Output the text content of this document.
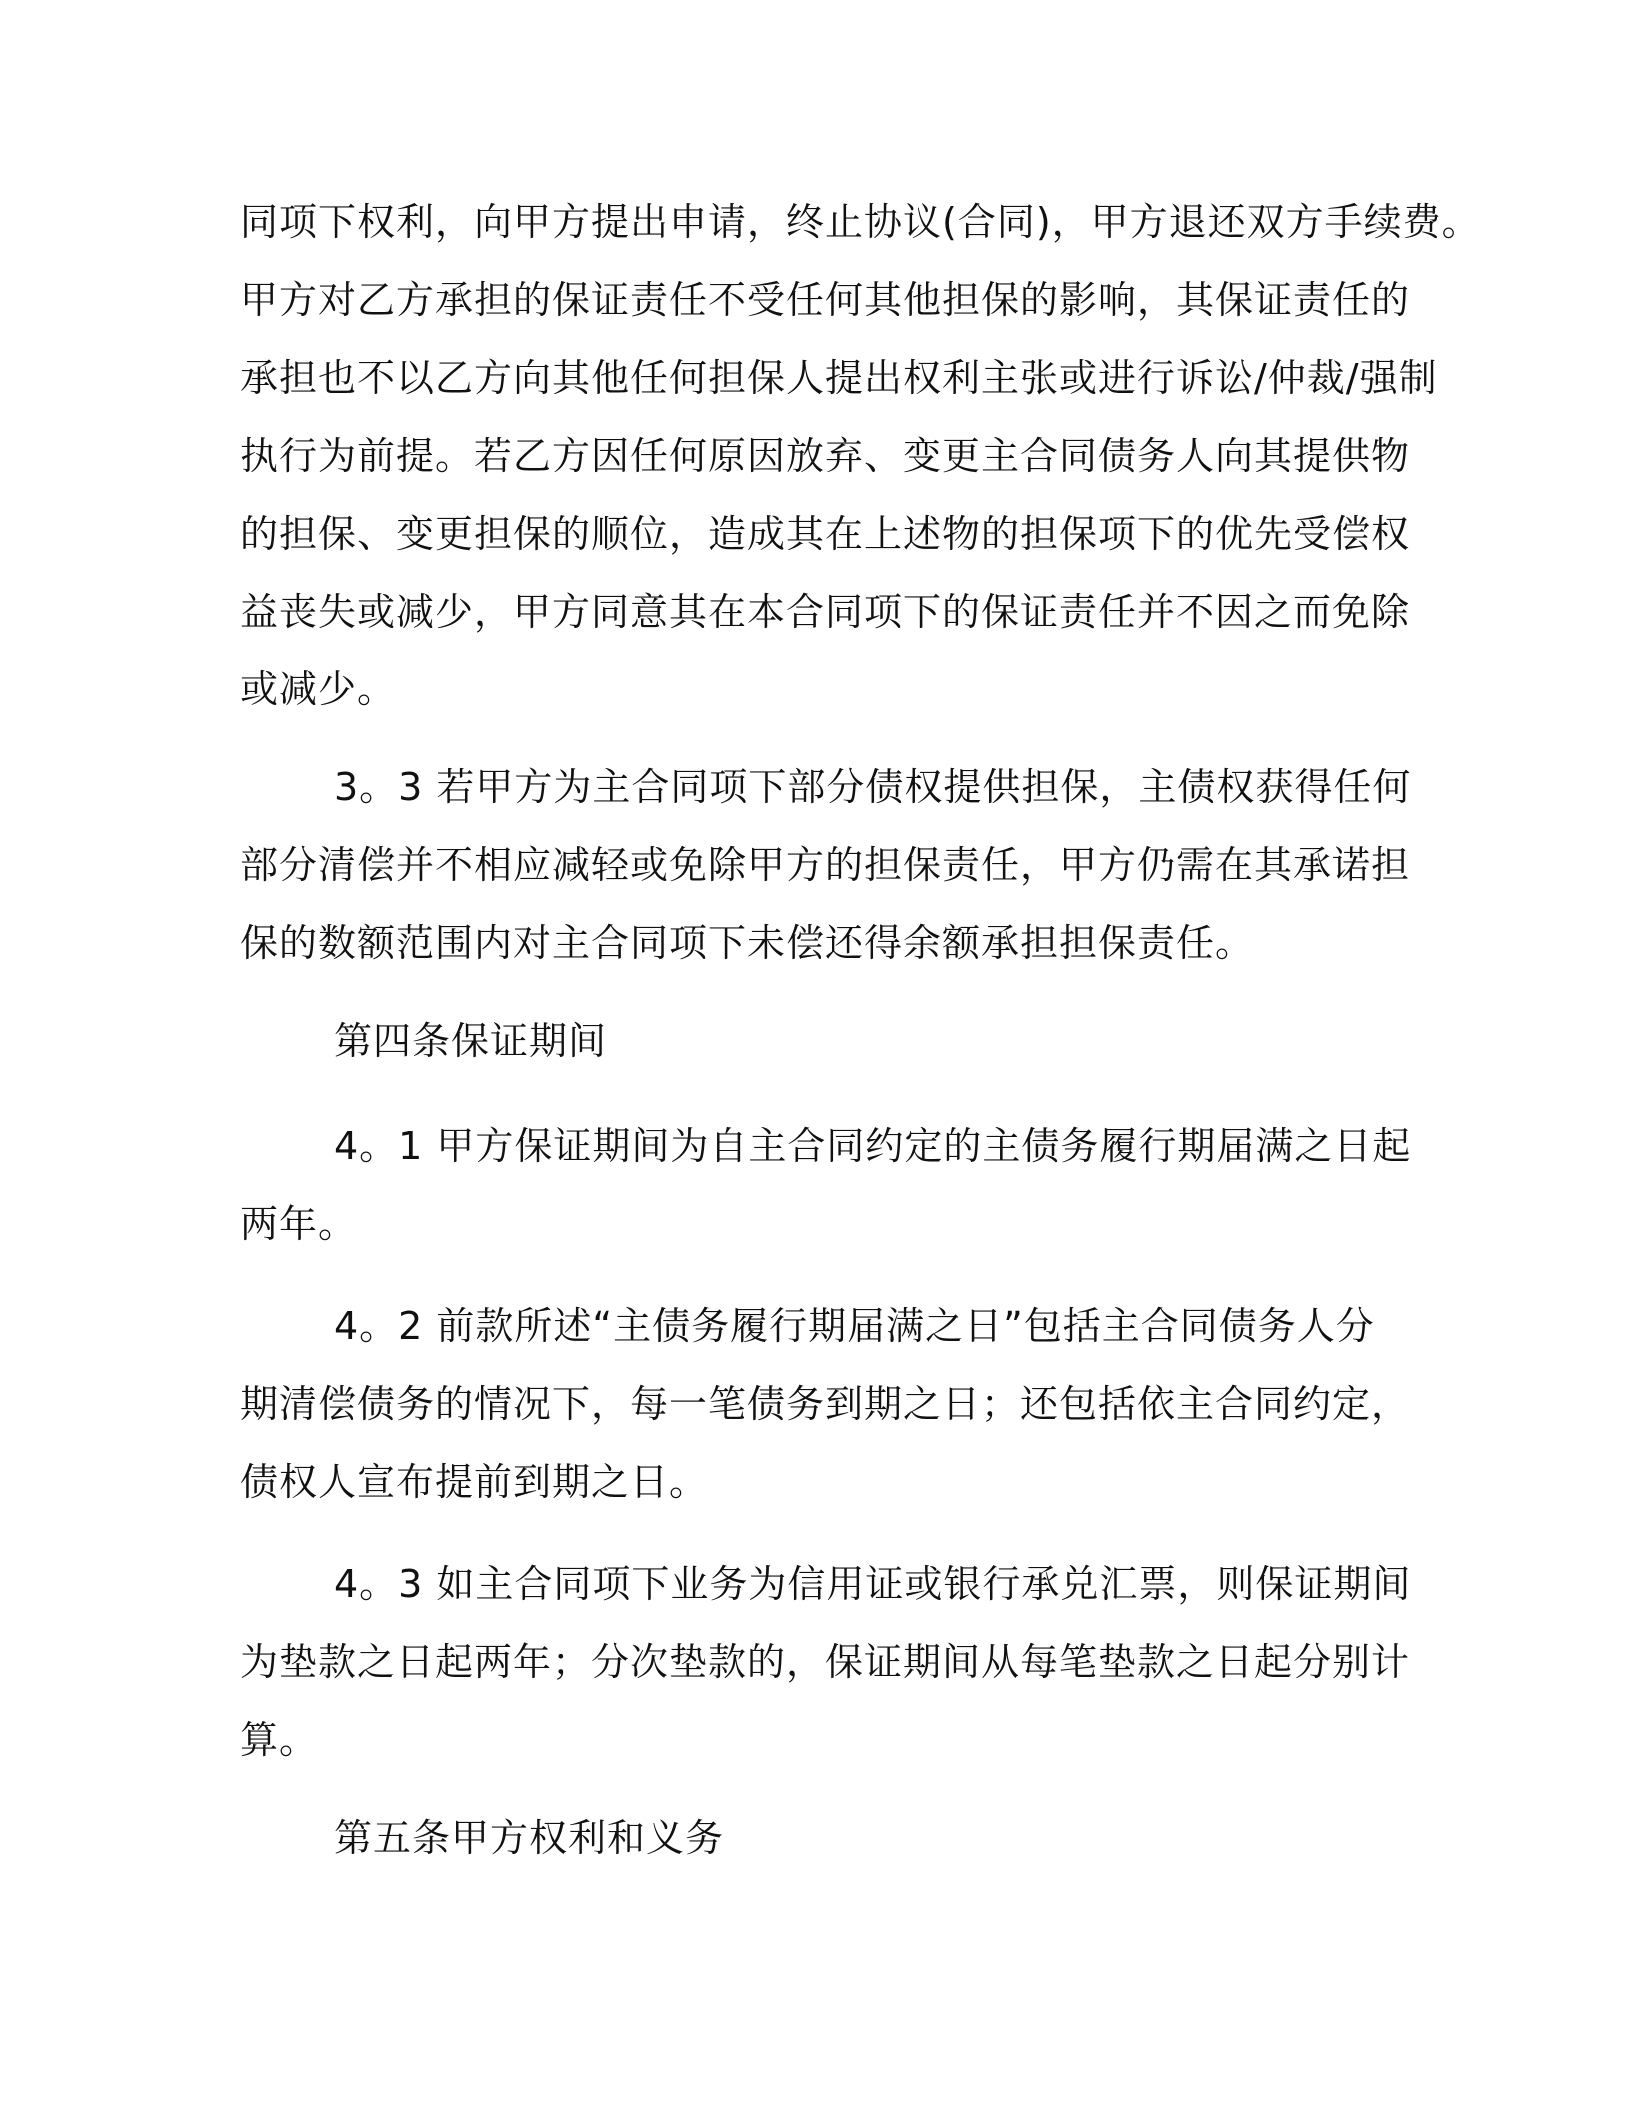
同项下权利，向甲方提出申请，终止协议(合同)，甲方退还双方手续费。
甲方对乙方承担的保证责任不受任何其他担保的影响，其保证责任的
承担也不以乙方向其他任何担保人提出权利主张或进行诉讼/仲裁/强制
执行为前提。若乙方因任何原因放弃、变更主合同债务人向其提供物
的担保、变更担保的顺位，造成其在上述物的担保项下的优先受偿权
益丧失或减少，甲方同意其在本合同项下的保证责任并不因之而免除
或减少。
3。3 若甲方为主合同项下部分债权提供担保，主债权获得任何
部分清偿并不相应减轻或免除甲方的担保责任，甲方仍需在其承诺担
保的数额范围内对主合同项下未偿还得余额承担担保责任。
第四条保证期间
4。1 甲方保证期间为自主合同约定的主债务履行期届满之日起
两年。
4。2 前款所述“主债务履行期届满之日”包括主合同债务人分
期清偿债务的情况下，每一笔债务到期之日；还包括依主合同约定，
债权人宣布提前到期之日。
4。3 如主合同项下业务为信用证或银行承兑汇票，则保证期间
为垫款之日起两年；分次垫款的，保证期间从每笔垫款之日起分别计
算。
第五条甲方权利和义务
